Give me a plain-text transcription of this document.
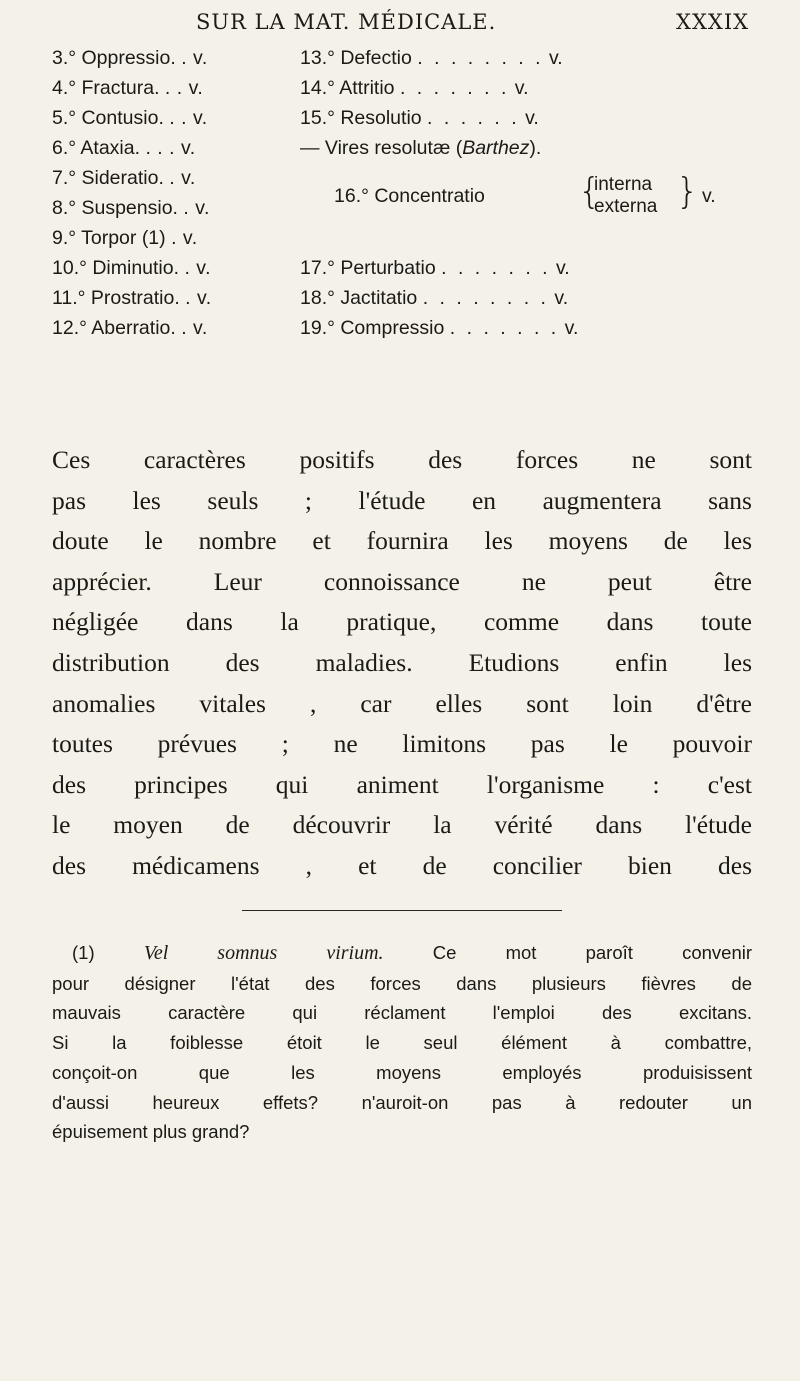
SUR LA MAT. MÉDICALE.	XXXIX
3.° Oppressio. . v.
4.° Fractura. . . v.
5.° Contusio. . . v.
6.° Ataxia. . . . v.
7.° Sideratio. . v.
8.° Suspensio. . v.
9.° Torpor (1) . v.
10.° Diminutio. . v.
11.° Prostratio. . v.
12.° Aberratio. . v.
13.° Defectio . . . . . . . . v.
14.° Attritio . . . . . . . v.
15.° Resolutio . . . . . . v.
— Vires resolutæ (Barthez).
16.° Concentratio	{
interna
externa } v.
17.° Perturbatio . . . . . . . v.
18.° Jactitatio . . . . . . . . v.
19.° Compressio . . . . . . . v.
Ces caractères positifs des forces ne sont
pas les seuls ; l'étude en augmentera sans
doute le nombre et fournira les moyens de les
apprécier. Leur connoissance ne peut être
négligée dans la pratique, comme dans toute
distribution des maladies. Etudions enfin les
anomalies vitales , car elles sont loin d'être
toutes prévues ; ne limitons pas le pouvoir
des principes qui animent l'organisme : c'est
le moyen de découvrir la vérité dans l'étude
des médicamens , et de concilier bien des
(1) Vel somnus virium.	Ce mot paroît convenir
pour désigner l'état des forces dans plusieurs fièvres de
mauvais caractère qui réclament l'emploi des excitans.
Si la foiblesse étoit le seul élément à combattre,
conçoit-on que les moyens employés produisissent
d'aussi heureux effets? n'auroit-on pas à redouter un
épuisement plus grand?
